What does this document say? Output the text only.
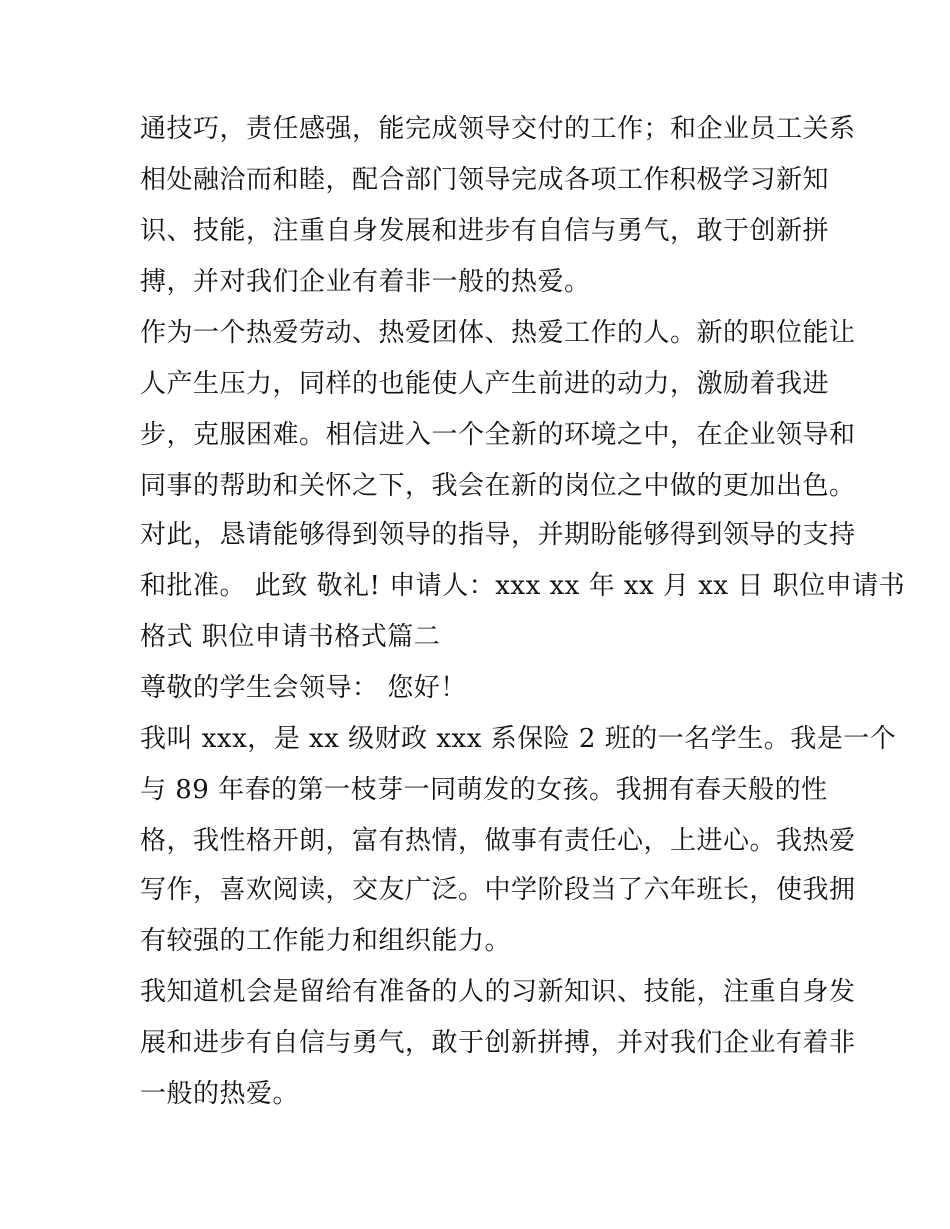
通技巧，责任感强，能完成领导交付的工作；和企业员工关系
相处融洽而和睦，配合部门领导完成各项工作积极学习新知
识、技能，注重自身发展和进步有自信与勇气，敢于创新拼
搏，并对我们企业有着非一般的热爱。
作为一个热爱劳动、热爱团体、热爱工作的人。新的职位能让
人产生压力，同样的也能使人产生前进的动力，激励着我进
步，克服困难。相信进入一个全新的环境之中，在企业领导和
同事的帮助和关怀之下，我会在新的岗位之中做的更加出色。
对此，恳请能够得到领导的指导，并期盼能够得到领导的支持
和批准。 此致 敬礼! 申请人：xxx xx 年 xx 月 xx 日 职位申请书
格式 职位申请书格式篇二
尊敬的学生会领导： 您好！
我叫 xxx，是 xx 级财政 xxx 系保险 2 班的一名学生。我是一个
与 89 年春的第一枝芽一同萌发的女孩。我拥有春天般的性
格，我性格开朗，富有热情，做事有责任心，上进心。我热爱
写作，喜欢阅读，交友广泛。中学阶段当了六年班长，使我拥
有较强的工作能力和组织能力。
我知道机会是留给有准备的人的习新知识、技能，注重自身发
展和进步有自信与勇气，敢于创新拼搏，并对我们企业有着非
一般的热爱。
